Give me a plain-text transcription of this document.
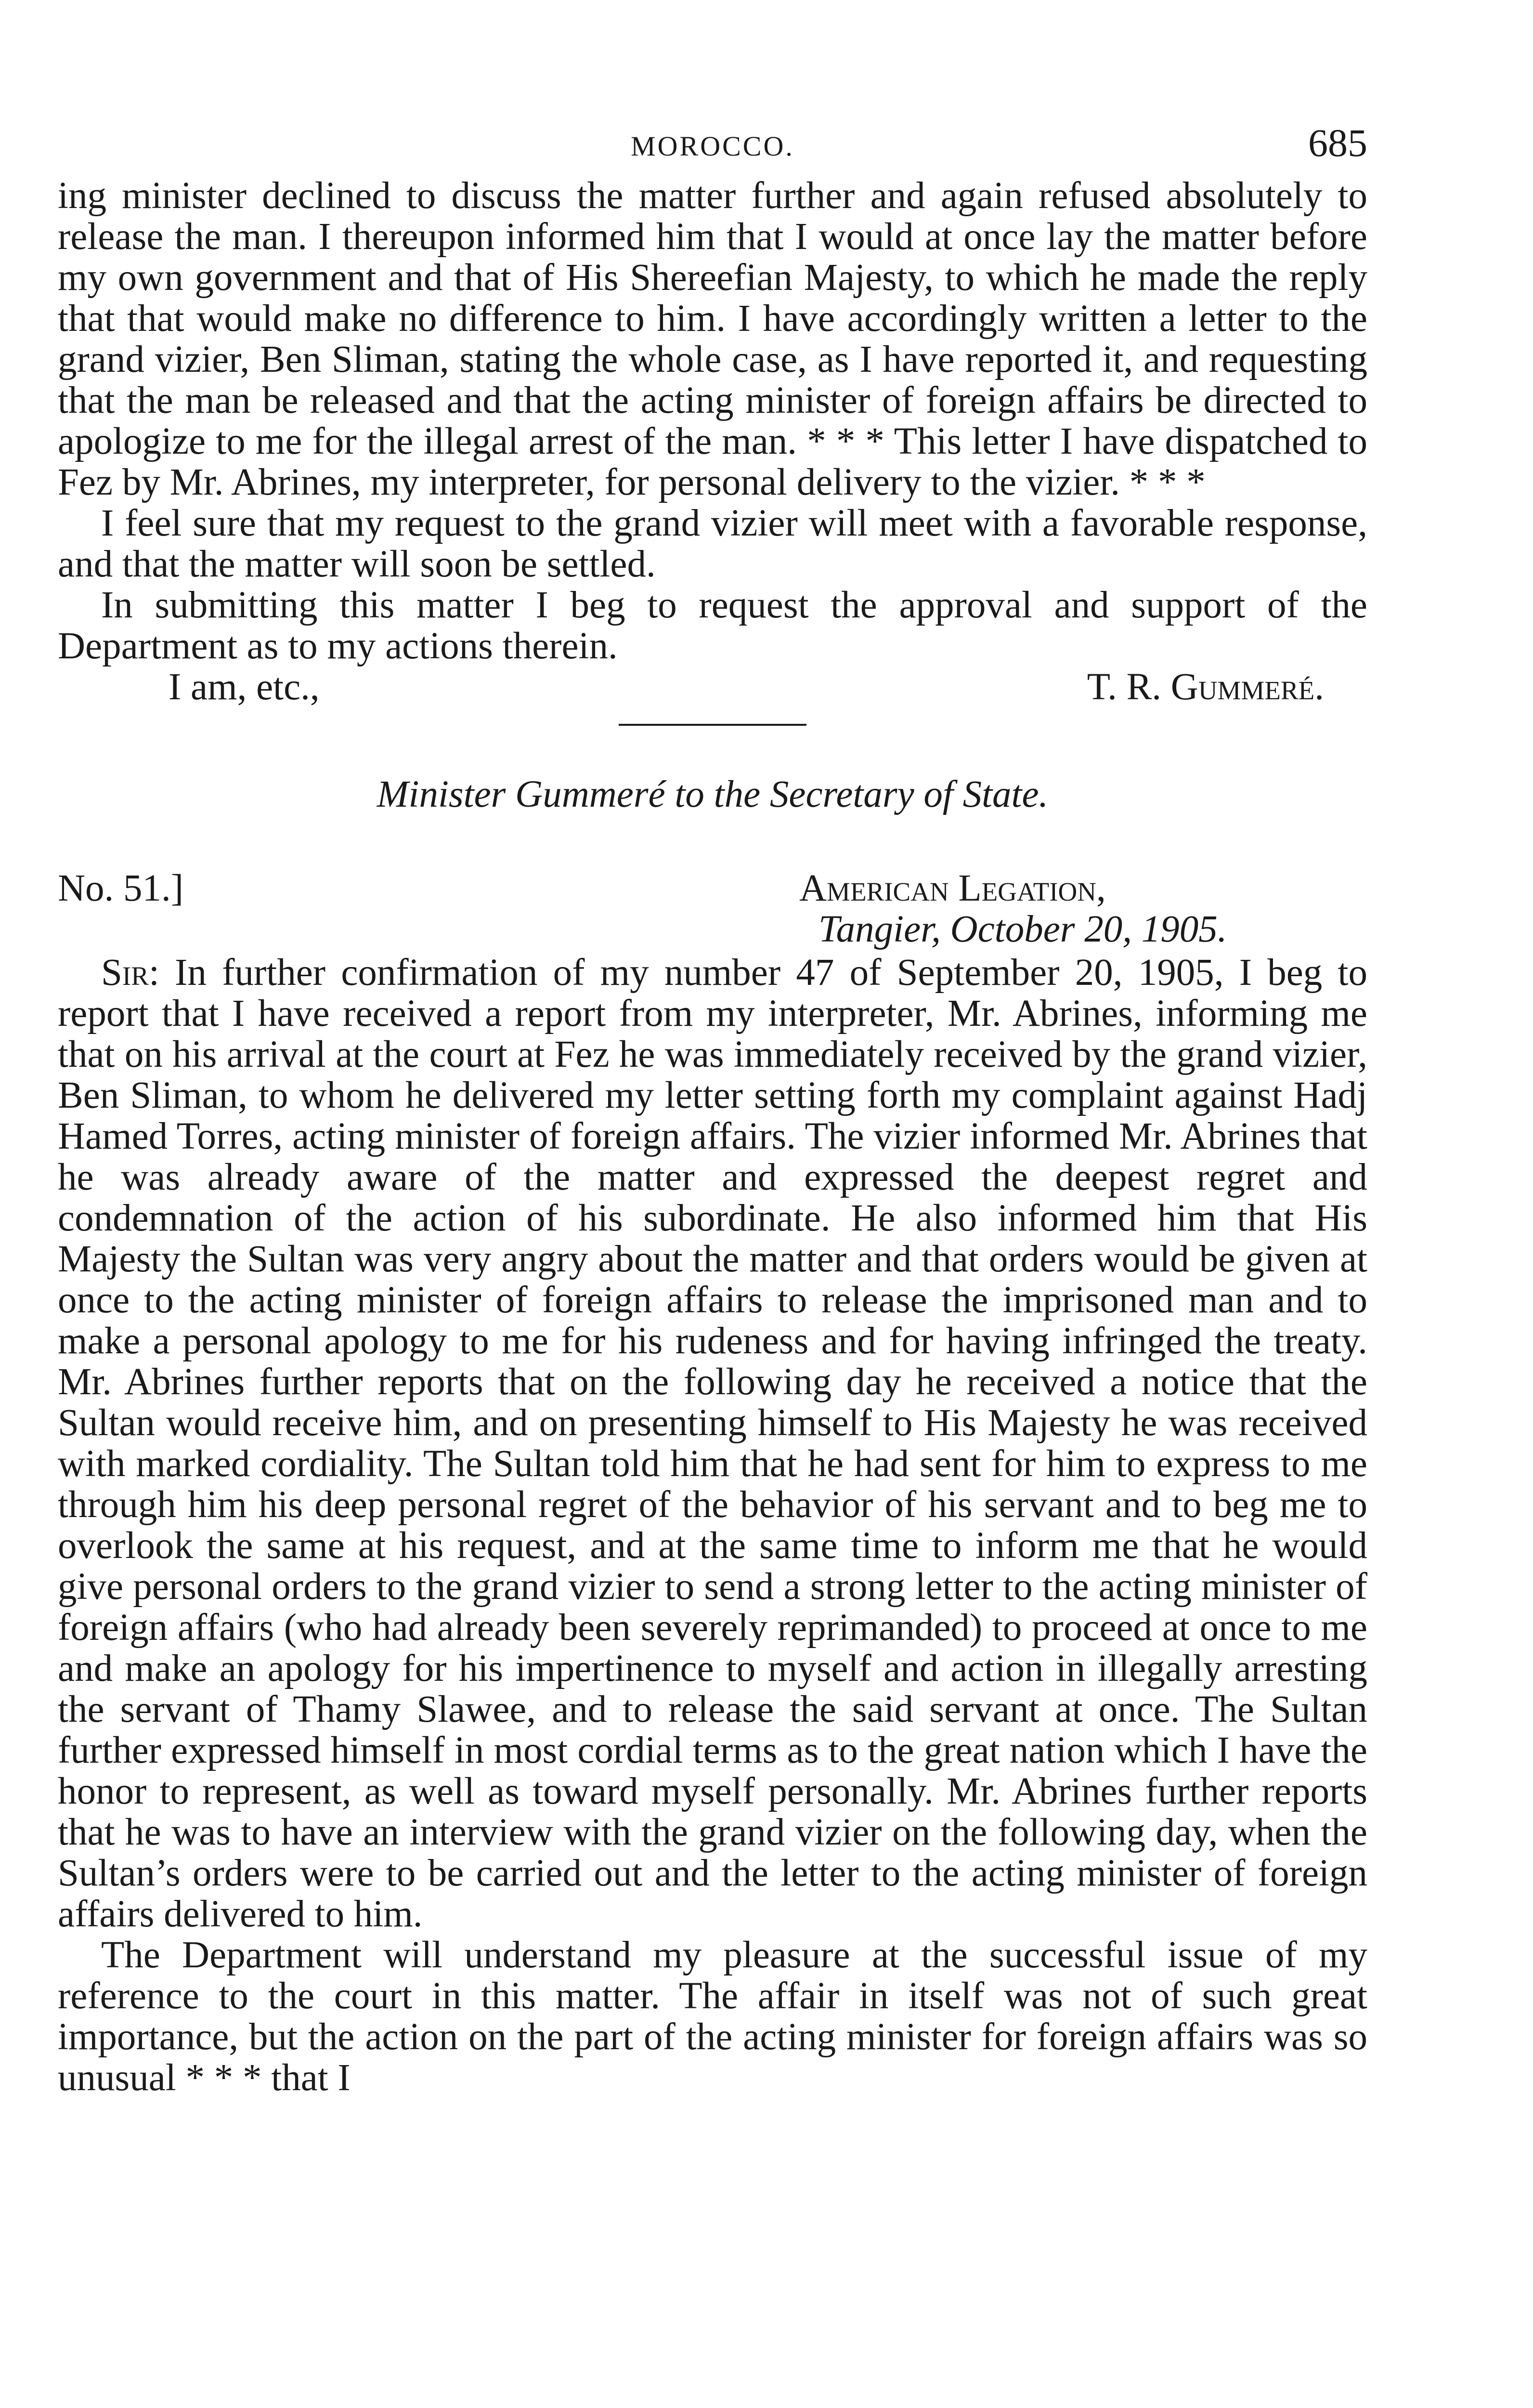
MOROCCO.	685

ing minister declined to discuss the matter further and again refused absolutely to release the man. I thereupon informed him that I would at once lay the matter before my own government and that of His Shereefian Majesty, to which he made the reply that that would make no difference to him. I have accordingly written a letter to the grand vizier, Ben Sliman, stating the whole case, as I have reported it, and requesting that the man be released and that the acting minister of foreign affairs be directed to apologize to me for the illegal arrest of the man. * * * This letter I have dispatched to Fez by Mr. Abrines, my interpreter, for personal delivery to the vizier. * * *

I feel sure that my request to the grand vizier will meet with a favorable response, and that the matter will soon be settled.

In submitting this matter I beg to request the approval and support of the Department as to my actions therein.

I am, etc.,	T. R. Gummeré.
Minister Gummeré to the Secretary of State.
No. 51.]	American Legation,
Tangier, October 20, 1905.

Sir: In further confirmation of my number 47 of September 20, 1905, I beg to report that I have received a report from my interpreter, Mr. Abrines, informing me that on his arrival at the court at Fez he was immediately received by the grand vizier, Ben Sliman, to whom he delivered my letter setting forth my complaint against Hadj Hamed Torres, acting minister of foreign affairs. The vizier informed Mr. Abrines that he was already aware of the matter and expressed the deepest regret and condemnation of the action of his subordinate. He also informed him that His Majesty the Sultan was very angry about the matter and that orders would be given at once to the acting minister of foreign affairs to release the imprisoned man and to make a personal apology to me for his rudeness and for having infringed the treaty. Mr. Abrines further reports that on the following day he received a notice that the Sultan would receive him, and on presenting himself to His Majesty he was received with marked cordiality. The Sultan told him that he had sent for him to express to me through him his deep personal regret of the behavior of his servant and to beg me to overlook the same at his request, and at the same time to inform me that he would give personal orders to the grand vizier to send a strong letter to the acting minister of foreign affairs (who had already been severely reprimanded) to proceed at once to me and make an apology for his impertinence to myself and action in illegally arresting the servant of Thamy Slawee, and to release the said servant at once. The Sultan further expressed himself in most cordial terms as to the great nation which I have the honor to represent, as well as toward myself personally. Mr. Abrines further reports that he was to have an interview with the grand vizier on the following day, when the Sultan’s orders were to be carried out and the letter to the acting minister of foreign affairs delivered to him.

The Department will understand my pleasure at the successful issue of my reference to the court in this matter. The affair in itself was not of such great importance, but the action on the part of the acting minister for foreign affairs was so unusual * * * that I
